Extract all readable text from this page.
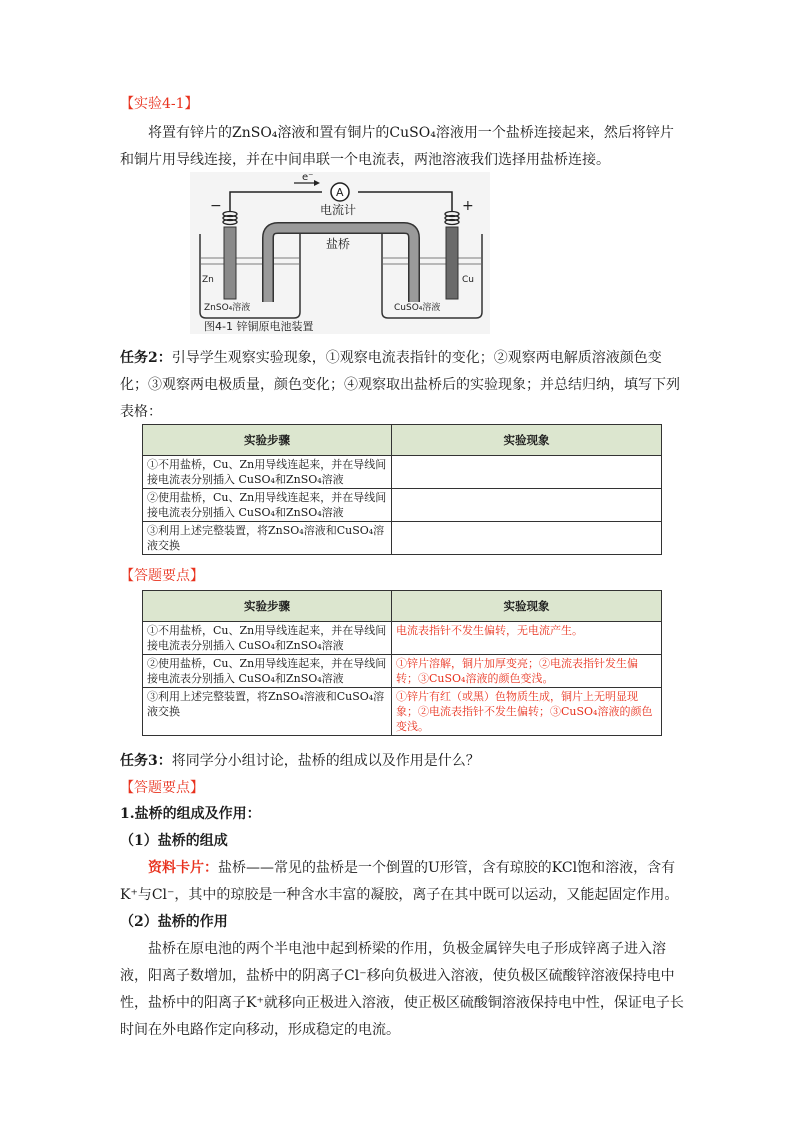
【实验4-1】

将置有锌片的ZnSO₄溶液和置有铜片的CuSO₄溶液用一个盐桥连接起来，然后将锌片和铜片用导线连接，并在中间串联一个电流表，两池溶液我们选择用盐桥连接。

e⁻
A
电流计
−	+
Zn	Cu
盐桥
ZnSO₄溶液	CuSO₄溶液
图4-1 锌铜原电池装置

任务2：引导学生观察实验现象，①观察电流表指针的变化；②观察两电解质溶液颜色变化；③观察两电极质量，颜色变化；④观察取出盐桥后的实验现象；并总结归纳，填写下列表格：

实验步骤	实验现象
①不用盐桥，Cu、Zn用导线连起来，并在导线间接电流表分别插入 CuSO₄和ZnSO₄溶液	
②使用盐桥，Cu、Zn用导线连起来，并在导线间接电流表分别插入 CuSO₄和ZnSO₄溶液	
③利用上述完整装置，将ZnSO₄溶液和CuSO₄溶液交换	

【答题要点】

实验步骤	实验现象
①不用盐桥，Cu、Zn用导线连起来，并在导线间接电流表分别插入 CuSO₄和ZnSO₄溶液	电流表指针不发生偏转，无电流产生。
②使用盐桥，Cu、Zn用导线连起来，并在导线间接电流表分别插入 CuSO₄和ZnSO₄溶液	①锌片溶解，铜片加厚变亮；②电流表指针发生偏转；③CuSO₄溶液的颜色变浅。
③利用上述完整装置，将ZnSO₄溶液和CuSO₄溶液交换	①锌片有红（或黑）色物质生成，铜片上无明显现象；②电流表指针不发生偏转；③CuSO₄溶液的颜色变浅。

任务3：将同学分小组讨论，盐桥的组成以及作用是什么？

【答题要点】

1.盐桥的组成及作用：

（1）盐桥的组成

资料卡片：盐桥——常见的盐桥是一个倒置的U形管，含有琼胶的KCl饱和溶液，含有K⁺与Cl⁻，其中的琼胶是一种含水丰富的凝胶，离子在其中既可以运动，又能起固定作用。

（2）盐桥的作用

盐桥在原电池的两个半电池中起到桥梁的作用，负极金属锌失电子形成锌离子进入溶液，阳离子数增加，盐桥中的阴离子Cl⁻移向负极进入溶液，使负极区硫酸锌溶液保持电中性，盐桥中的阳离子K⁺就移向正极进入溶液，使正极区硫酸铜溶液保持电中性，保证电子长时间在外电路作定向移动，形成稳定的电流。
